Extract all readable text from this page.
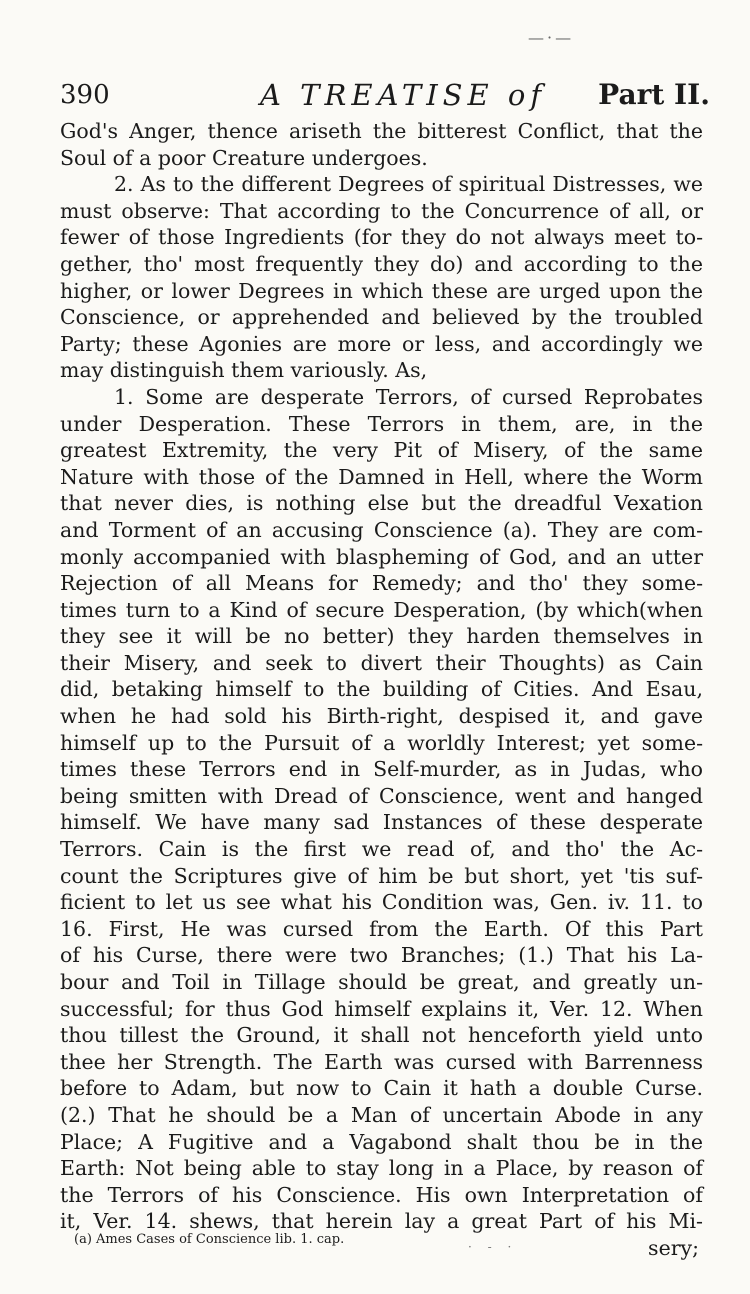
—·—
390	A TREATISE of Part II.
God's Anger, thence ariseth the bitterest Conflict, that the
Soul of a poor Creature undergoes.
2. As to the different Degrees of spiritual Distresses, we
must observe: That according to the Concurrence of all, or
fewer of those Ingredients (for they do not always meet to-
gether, tho' most frequently they do) and according to the
higher, or lower Degrees in which these are urged upon the
Conscience, or apprehended and believed by the troubled
Party; these Agonies are more or less, and accordingly we
may distinguish them variously. As,
1. Some are desperate Terrors, of cursed Reprobates
under Desperation. These Terrors in them, are, in the
greatest Extremity, the very Pit of Misery, of the same
Nature with those of the Damned in Hell, where the Worm
that never dies, is nothing else but the dreadful Vexation
and Torment of an accusing Conscience (a). They are com-
monly accompanied with blaspheming of God, and an utter
Rejection of all Means for Remedy; and tho' they some-
times turn to a Kind of secure Desperation, (by which(when
they see it will be no better) they harden themselves in
their Misery, and seek to divert their Thoughts) as Cain
did, betaking himself to the building of Cities. And Esau,
when he had sold his Birth-right, despised it, and gave
himself up to the Pursuit of a worldly Interest; yet some-
times these Terrors end in Self-murder, as in Judas, who
being smitten with Dread of Conscience, went and hanged
himself. We have many sad Instances of these desperate
Terrors. Cain is the first we read of, and tho' the Ac-
count the Scriptures give of him be but short, yet 'tis suf-
ficient to let us see what his Condition was, Gen. iv. 11. to
16. First, He was cursed from the Earth. Of this Part
of his Curse, there were two Branches; (1.) That his La-
bour and Toil in Tillage should be great, and greatly un-
successful; for thus God himself explains it, Ver. 12. When
thou tillest the Ground, it shall not henceforth yield unto
thee her Strength. The Earth was cursed with Barrenness
before to Adam, but now to Cain it hath a double Curse.
(2.) That he should be a Man of uncertain Abode in any
Place; A Fugitive and a Vagabond shalt thou be in the
Earth: Not being able to stay long in a Place, by reason of
the Terrors of his Conscience. His own Interpretation of
it, Ver. 14. shews, that herein lay a great Part of his Mi-
sery;
(a) Ames Cases of Conscience lib. 1. cap.	· - ·
